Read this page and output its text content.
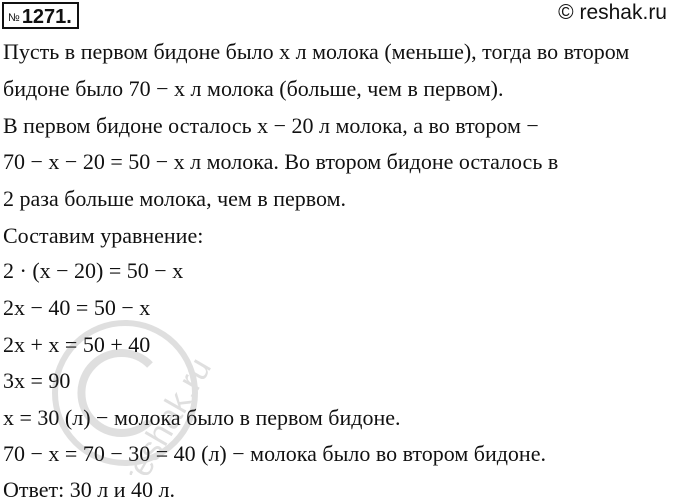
№ 1271.	© reshak.ru
Пусть в первом бидоне было x л молока (меньше), тогда во втором
бидоне было 70 − x л молока (больше, чем в первом).
В первом бидоне осталось x − 20 л молока, а во втором −
70 − x − 20 = 50 − x л молока. Во втором бидоне осталось в
2 раза больше молока, чем в первом.
Составим уравнение:
2 · (x − 20) = 50 − x
2x − 40 = 50 − x
2x + x = 50 + 40
3x = 90
x = 30 (л) − молока было в первом бидоне.
70 − x = 70 − 30 = 40 (л) − молока было во втором бидоне.
Ответ: 30 л и 40 л.
reshak.ru
